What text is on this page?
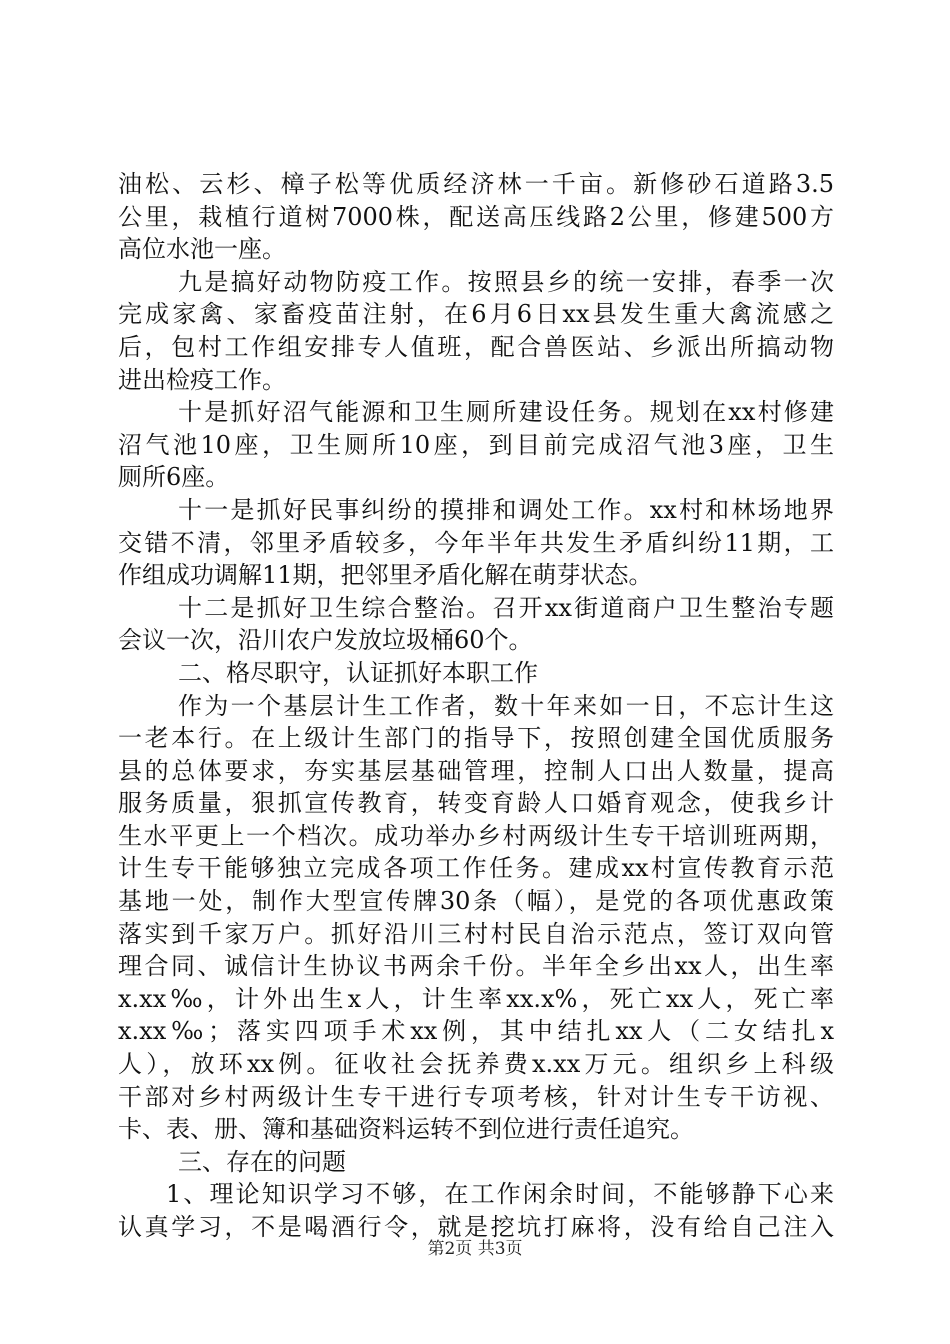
油松、云杉、樟子松等优质经济林一千亩。新修砂石道路3.5
公里，栽植行道树7000株，配送高压线路2公里，修建500方
高位水池一座。
九是搞好动物防疫工作。按照县乡的统一安排，春季一次
完成家禽、家畜疫苗注射，在6月6日xx县发生重大禽流感之
后，包村工作组安排专人值班，配合兽医站、乡派出所搞动物
进出检疫工作。
十是抓好沼气能源和卫生厕所建设任务。规划在xx村修建
沼气池10座，卫生厕所10座，到目前完成沼气池3座，卫生
厕所6座。
十一是抓好民事纠纷的摸排和调处工作。xx村和林场地界
交错不清，邻里矛盾较多，今年半年共发生矛盾纠纷11期，工
作组成功调解11期，把邻里矛盾化解在萌芽状态。
十二是抓好卫生综合整治。召开xx街道商户卫生整治专题
会议一次，沿川农户发放垃圾桶60个。
二、格尽职守，认证抓好本职工作
作为一个基层计生工作者，数十年来如一日，不忘计生这
一老本行。在上级计生部门的指导下，按照创建全国优质服务
县的总体要求，夯实基层基础管理，控制人口出人数量，提高
服务质量，狠抓宣传教育，转变育龄人口婚育观念，使我乡计
生水平更上一个档次。成功举办乡村两级计生专干培训班两期，
计生专干能够独立完成各项工作任务。建成xx村宣传教育示范
基地一处，制作大型宣传牌30条（幅），是党的各项优惠政策
落实到千家万户。抓好沿川三村村民自治示范点，签订双向管
理合同、诚信计生协议书两余千份。半年全乡出xx人，出生率
x.xx‰，计外出生x人，计生率xx.x%，死亡xx人，死亡率
x.xx‰；落实四项手术xx例，其中结扎xx人（二女结扎x
人），放环xx例。征收社会抚养费x.xx万元。组织乡上科级
干部对乡村两级计生专干进行专项考核，针对计生专干访视、
卡、表、册、簿和基础资料运转不到位进行责任追究。
三、存在的问题
1、理论知识学习不够，在工作闲余时间，不能够静下心来
认真学习，不是喝酒行令，就是挖坑打麻将，没有给自己注入
第2页 共3页
